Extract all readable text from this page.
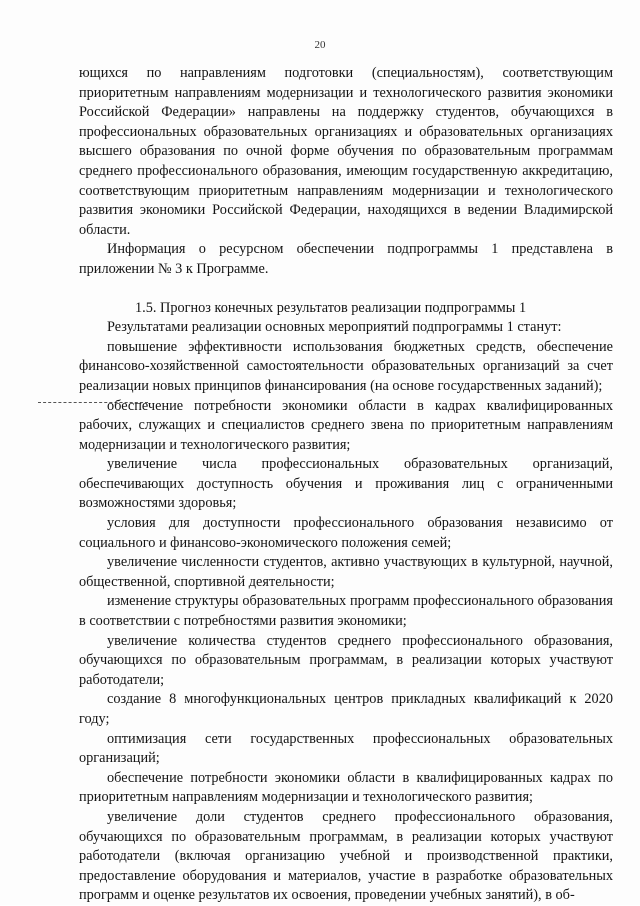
20

ющихся по направлениям подготовки (специальностям), соответствующим приоритетным направлениям модернизации и технологического развития экономики Российской Федерации» направлены на поддержку студентов, обучающихся в профессиональных образовательных организациях и образовательных организациях высшего образования по очной форме обучения по образовательным программам среднего профессионального образования, имеющим государственную аккредитацию, соответствующим приоритетным направлениям модернизации и технологического развития экономики Российской Федерации, находящихся в ведении Владимирской области.

Информация о ресурсном обеспечении подпрограммы 1 представлена в приложении № 3 к Программе.

1.5. Прогноз конечных результатов реализации подпрограммы 1

Результатами реализации основных мероприятий подпрограммы 1 станут:

повышение эффективности использования бюджетных средств, обеспечение финансово-хозяйственной самостоятельности образовательных организаций за счет реализации новых принципов финансирования (на основе государственных заданий);

обеспечение потребности экономики области в кадрах квалифицированных рабочих, служащих и специалистов среднего звена по приоритетным направлениям модернизации и технологического развития;

увеличение числа профессиональных образовательных организаций, обеспечивающих доступность обучения и проживания лиц с ограниченными возможностями здоровья;

условия для доступности профессионального образования независимо от социального и финансово-экономического положения семей;

увеличение численности студентов, активно участвующих в культурной, научной, общественной, спортивной деятельности;

изменение структуры образовательных программ профессионального образования в соответствии с потребностями развития экономики;

увеличение количества студентов среднего профессионального образования, обучающихся по образовательным программам, в реализации которых участвуют работодатели;

создание 8 многофункциональных центров прикладных квалификаций к 2020 году;

оптимизация сети государственных профессиональных образовательных организаций;

обеспечение потребности экономики области в квалифицированных кадрах по приоритетным направлениям модернизации и технологического развития;

увеличение доли студентов среднего профессионального образования, обучающихся по образовательным программам, в реализации которых участвуют работодатели (включая организацию учебной и производственной практики, предоставление оборудования и материалов, участие в разработке образовательных программ и оценке результатов их освоения, проведении учебных занятий), в об-
